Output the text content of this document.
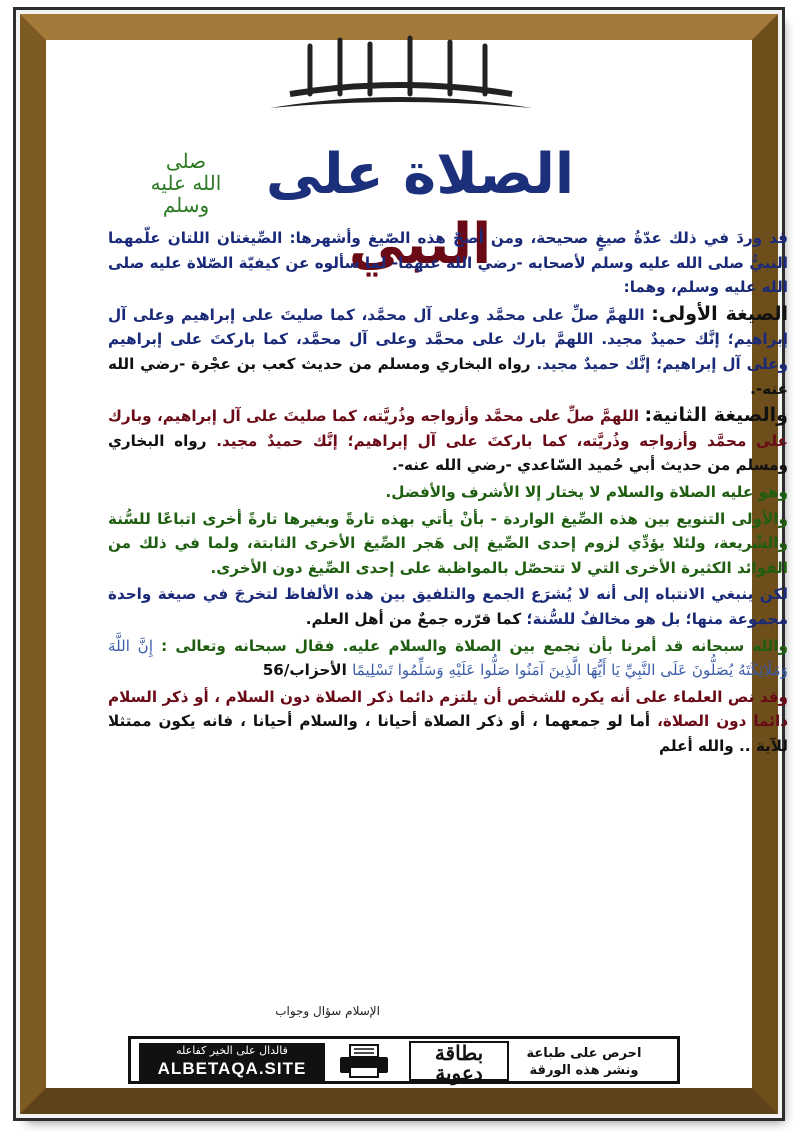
الصلاة على النبي
صلى الله عليه وسلم

قد وردَ في ذلك عدّةُ صيغٍ صحيحة، ومن أصحّ هذه الصّيغ وأشهرها: الصِّيغتان اللتان علّمهما النبيُّ صلى الله عليه وسلم لأصحابه -رضي الله عنهما- لما سألوه عن كيفيّة الصّلاة عليه صلى الله عليه وسلم، وهما:

الصيغة الأولى: اللهمَّ صلِّ على محمَّد وعلى آل محمَّد، كما صليتَ على إبراهيم وعلى آل إبراهيم؛ إنَّك حميدٌ مجيد. اللهمَّ بارك على محمَّد وعلى آل محمَّد، كما باركتَ على إبراهيم وعلى آل إبراهيم؛ إنَّك حميدٌ مجيد. رواه البخاري ومسلم من حديث كعب بن عجْرة -رضي الله عنه-.

والصيغة الثانية: اللهمَّ صلِّ على محمَّد وأزواجه وذُريَّته، كما صليتَ على آل إبراهيم، وبارك على محمَّد وأزواجه وذُريَّته، كما باركتَ على آل إبراهيم؛ إنَّك حميدٌ مجيد. رواه البخاري ومسلم من حديث أبي حُميد السّاعدي -رضي الله عنه-.

وهو عليه الصلاة والسلام لا يختار إلا الأشرف والأفضل.

والأولى التنويع بين هذه الصِّيغ الواردة - بأنْ يأتي بهذه تارةً وبغيرها تارةً أخرى اتباعًا للسُّنة والشّريعة، ولئلا يؤدِّي لزوم إحدى الصِّيغ إلى هَجر الصِّيغ الأخرى الثابتة، ولما في ذلك من الفوائد الكثيرة الأخرى التي لا تتحصّل بالمواظبة على إحدى الصِّيغ دون الأخرى.

لكن ينبغي الانتباه إلى أنه لا يُشرَع الجمع والتلفيق بين هذه الألفاظ لتخرجَ في صيغة واحدة مجموعة منها؛ بل هو مخالفٌ للسُّنة؛ كما قرّره جمعٌ من أهل العلم.

والله سبحانه قد أمرنا بأن نجمع بين الصلاة والسلام عليه. فقال سبحانه وتعالى : إِنَّ اللَّهَ وَمَلَائِكَتَهُ يُصَلُّونَ عَلَى النَّبِيِّ يَا أَيُّهَا الَّذِينَ آمَنُوا صَلُّوا عَلَيْهِ وَسَلِّمُوا تَسْلِيمًا الأحزاب/56

وقد نص العلماء على أنه يكره للشخص أن يلتزم دائما ذكر الصلاة دون السلام ، أو ذكر السلام دائما دون الصلاة، أما لو جمعهما ، أو ذكر الصلاة أحيانا ، والسلام أحيانا ، فانه يكون ممتثلا للآية .. والله أعلم

الإسلام سؤال وجواب
احرص على طباعة
ونشر هذه الورقة
بطاقة دعوية
فالدال على الخير كفاعله
ALBETAQA.SITE
